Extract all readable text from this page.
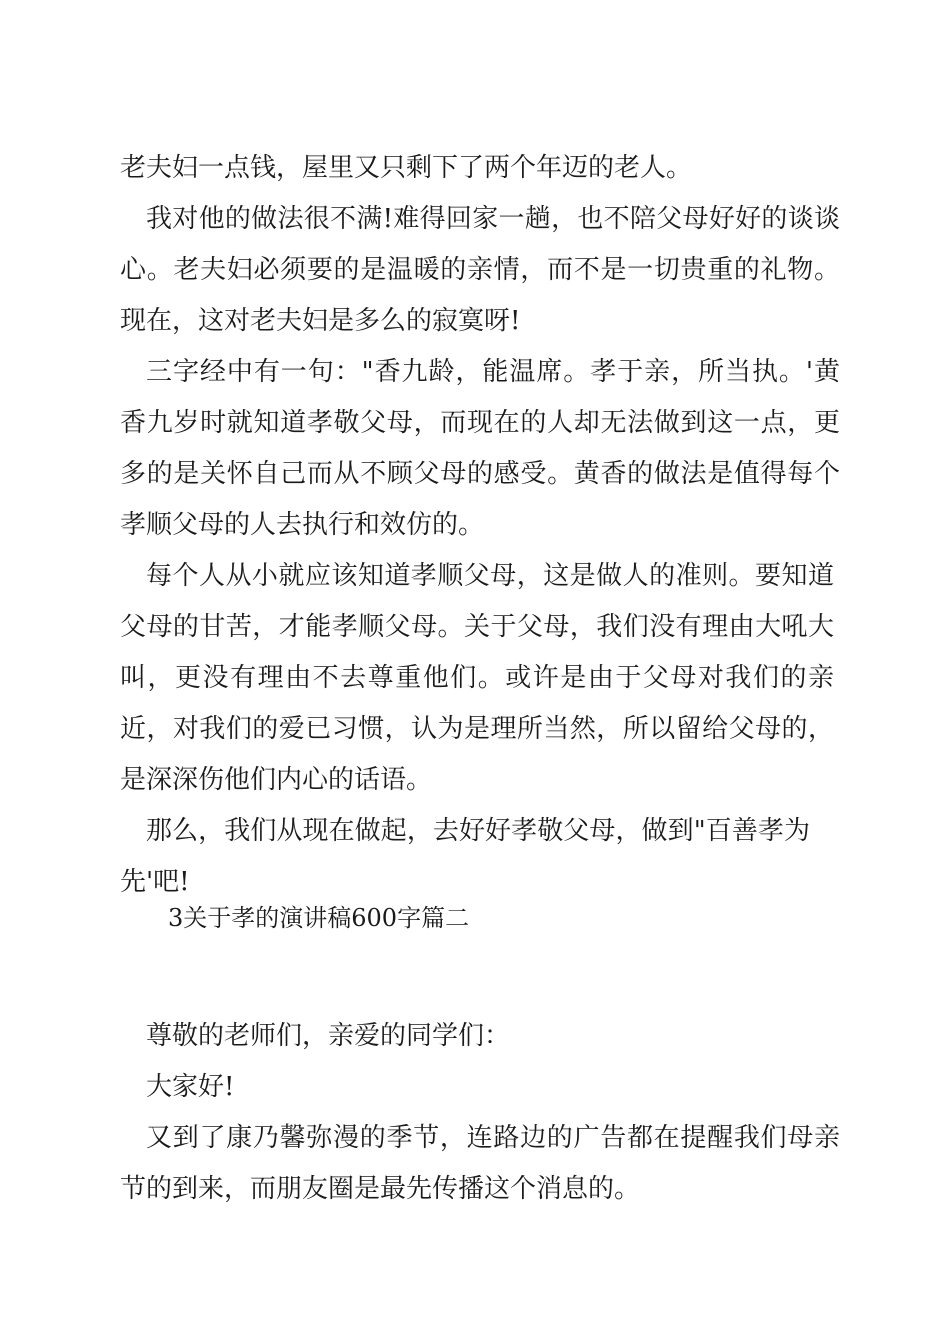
老夫妇一点钱，屋里又只剩下了两个年迈的老人。

我对他的做法很不满!难得回家一趟，也不陪父母好好的谈谈心。老夫妇必须要的是温暖的亲情，而不是一切贵重的礼物。现在，这对老夫妇是多么的寂寞呀!

三字经中有一句："香九龄，能温席。孝于亲，所当执。'黄香九岁时就知道孝敬父母，而现在的人却无法做到这一点，更多的是关怀自己而从不顾父母的感受。黄香的做法是值得每个孝顺父母的人去执行和效仿的。

每个人从小就应该知道孝顺父母，这是做人的准则。要知道父母的甘苦，才能孝顺父母。关于父母，我们没有理由大吼大叫，更没有理由不去尊重他们。或许是由于父母对我们的亲近，对我们的爱已习惯，认为是理所当然，所以留给父母的，是深深伤他们内心的话语。

那么，我们从现在做起，去好好孝敬父母，做到"百善孝为先'吧!

3关于孝的演讲稿600字篇二

尊敬的老师们，亲爱的同学们：

大家好!

又到了康乃馨弥漫的季节，连路边的广告都在提醒我们母亲节的到来，而朋友圈是最先传播这个消息的。
